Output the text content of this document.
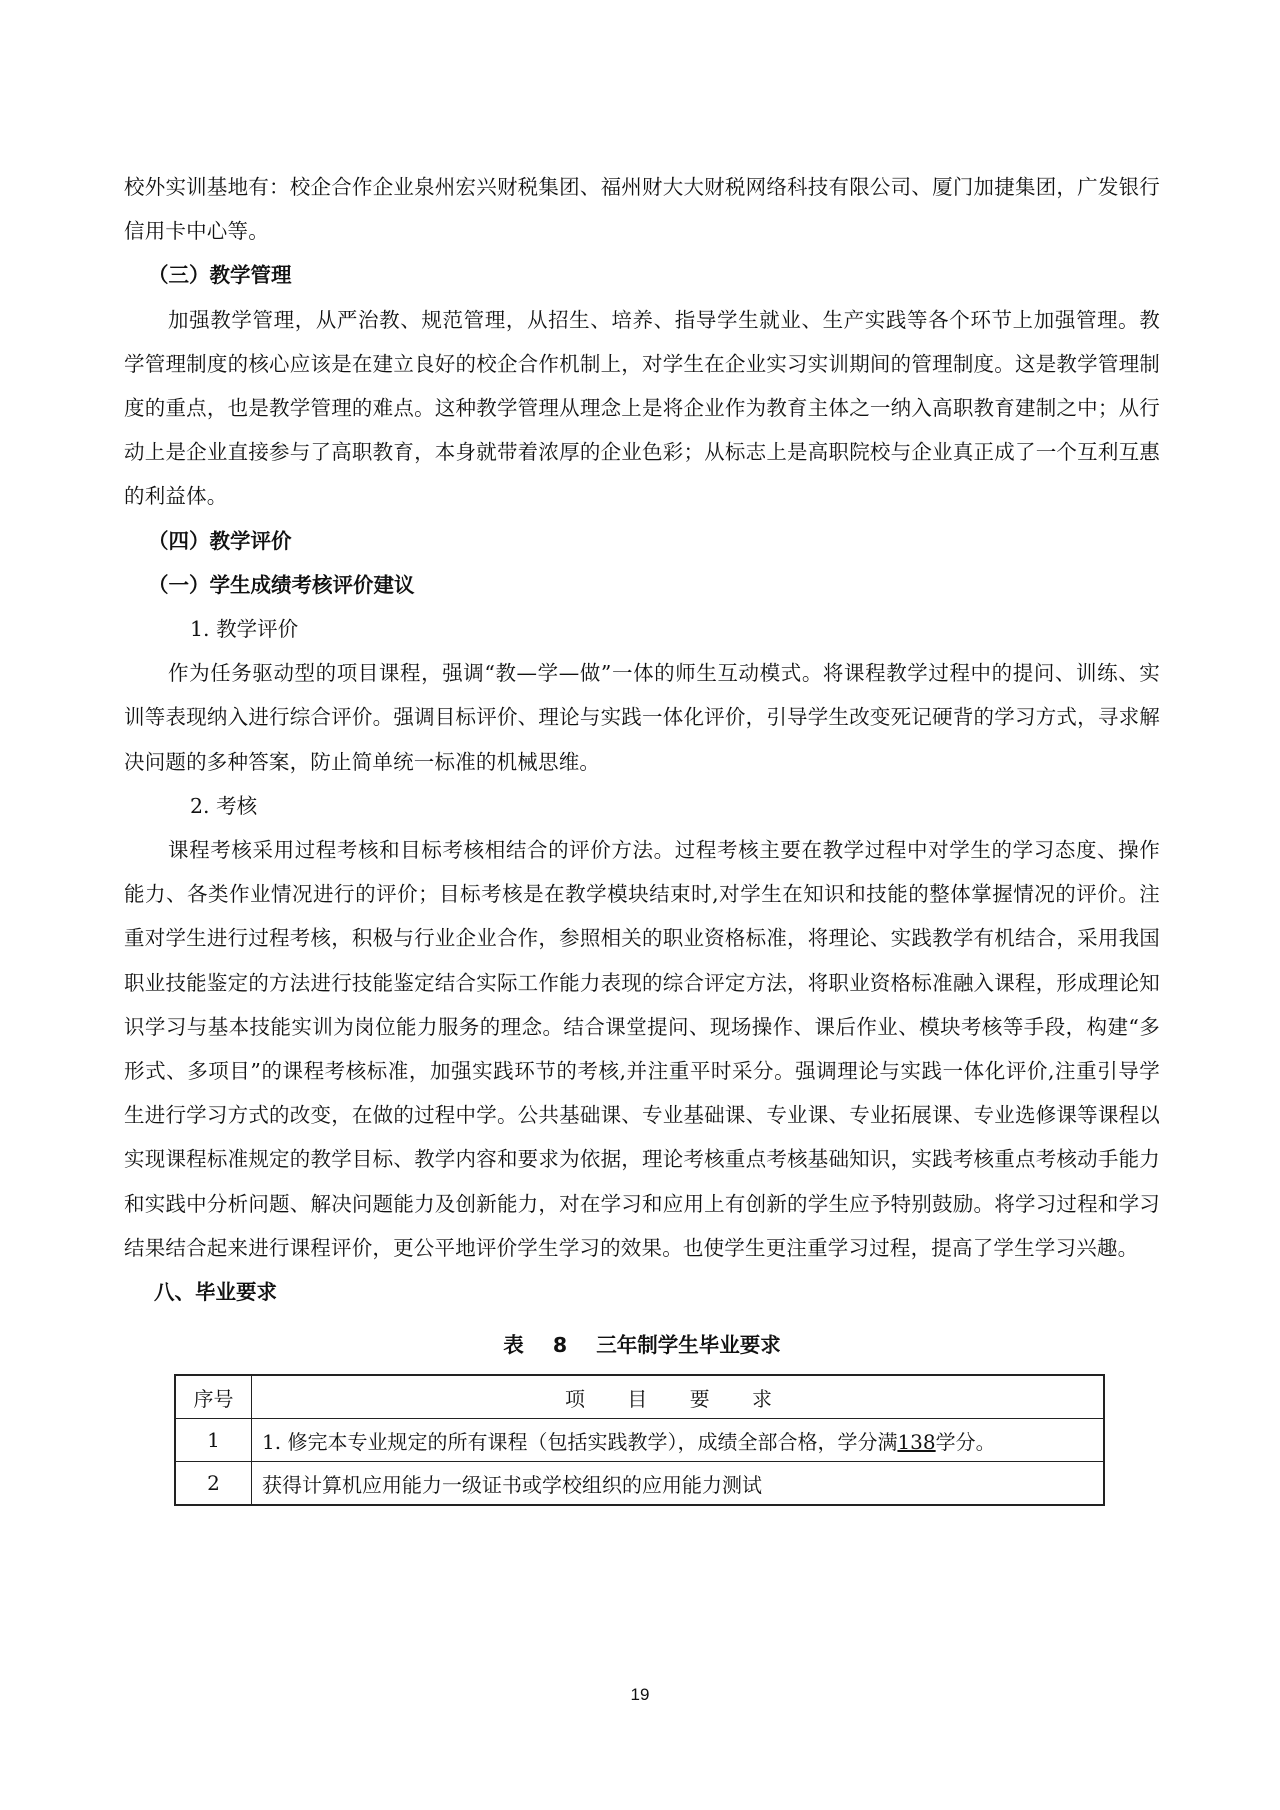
校外实训基地有：校企合作企业泉州宏兴财税集团、福州财大大财税网络科技有限公司、厦门加捷集团，广发银行信用卡中心等。

（三）教学管理

加强教学管理，从严治教、规范管理，从招生、培养、指导学生就业、生产实践等各个环节上加强管理。教学管理制度的核心应该是在建立良好的校企合作机制上，对学生在企业实习实训期间的管理制度。这是教学管理制度的重点，也是教学管理的难点。这种教学管理从理念上是将企业作为教育主体之一纳入高职教育建制之中；从行动上是企业直接参与了高职教育，本身就带着浓厚的企业色彩；从标志上是高职院校与企业真正成了一个互利互惠的利益体。

（四）教学评价

（一）学生成绩考核评价建议

1. 教学评价

作为任务驱动型的项目课程，强调“教—学—做”一体的师生互动模式。将课程教学过程中的提问、训练、实训等表现纳入进行综合评价。强调目标评价、理论与实践一体化评价，引导学生改变死记硬背的学习方式，寻求解决问题的多种答案，防止简单统一标准的机械思维。

2. 考核

课程考核采用过程考核和目标考核相结合的评价方法。过程考核主要在教学过程中对学生的学习态度、操作能力、各类作业情况进行的评价；目标考核是在教学模块结束时,对学生在知识和技能的整体掌握情况的评价。注重对学生进行过程考核，积极与行业企业合作，参照相关的职业资格标准，将理论、实践教学有机结合，采用我国职业技能鉴定的方法进行技能鉴定结合实际工作能力表现的综合评定方法，将职业资格标准融入课程，形成理论知识学习与基本技能实训为岗位能力服务的理念。结合课堂提问、现场操作、课后作业、模块考核等手段，构建“多形式、多项目”的课程考核标准，加强实践环节的考核,并注重平时采分。强调理论与实践一体化评价,注重引导学生进行学习方式的改变，在做的过程中学。公共基础课、专业基础课、专业课、专业拓展课、专业选修课等课程以实现课程标准规定的教学目标、教学内容和要求为依据，理论考核重点考核基础知识，实践考核重点考核动手能力和实践中分析问题、解决问题能力及创新能力，对在学习和应用上有创新的学生应予特别鼓励。将学习过程和学习结果结合起来进行课程评价，更公平地评价学生学习的效果。也使学生更注重学习过程，提高了学生学习兴趣。

八、毕业要求

表 8 三年制学生毕业要求
序号	项 目 要 求
1	1. 修完本专业规定的所有课程（包括实践教学），成绩全部合格，学分满138学分。
2	获得计算机应用能力一级证书或学校组织的应用能力测试
19
